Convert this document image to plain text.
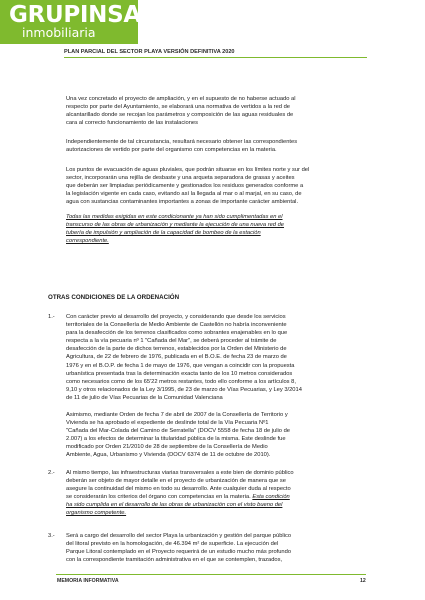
GRUPINSA
inmobiliaria
PLAN PARCIAL DEL SECTOR PLAYA VERSIÓN DEFINITIVA 2020

Una vez concretado el proyecto de ampliación, y en el supuesto de no haberse actuado al
respecto por parte del Ayuntamiento, se elaborará una normativa de vertidos a la red de
alcantarillado donde se recojan los parámetros y composición de las aguas residuales de
cara al correcto funcionamiento de las instalaciones

Independientemente de tal circunstancia, resultará necesario obtener las correspondientes
autorizaciones de vertido por parte del organismo con competencias en la materia.

Los puntos de evacuación de aguas pluviales, que podrán situarse en los límites norte y sur del
sector, incorporarán una rejilla de desbaste y una arqueta separadora de grasas y aceites
que deberán ser limpiadas periódicamente y gestionados los residuos generados conforme a
la legislación vigente en cada caso, evitando así la llegada al mar o al marjal, en su caso, de
agua con sustancias contaminantes importantes a zonas de importante carácter ambiental.

Todas las medidas exigidas en este condicionante ya han sido cumplimentadas en el
transcurso de las obras de urbanización y mediante la ejecución de una nueva red de
tubería de impulsión y ampliación de la capacidad de bombeo de la estación
correspondiente.

OTRAS CONDICIONES DE LA ORDENACIÓN
1.- Con carácter previo al desarrollo del proyecto, y considerando que desde los servicios
territoriales de la Consellería de Medio Ambiente de Castellón no habría inconveniente
para la desafección de los terrenos clasificados como sobrantes enajenables en lo que
respecta a la vía pecuaria nº 1 "Cañada del Mar", se deberá proceder al trámite de
desafección de la parte de dichos terrenos, establecidos por la Orden del Ministerio de
Agricultura, de 22 de febrero de 1976, publicada en el B.O.E. de fecha 23 de marzo de
1976 y en el B.O.P. de fecha 1 de mayo de 1976, que vengan a coincidir con la propuesta
urbanística presentada tras la determinación exacta tanto de los 10 metros considerados
como necesarios como de los 65'22 metros restantes, todo ello conforme a los artículos 8,
9,10 y otros relacionados de la Ley 3/1995, de 23 de marzo de Vías Pecuarias, y Ley 3/2014
de 11 de julio de Vías Pecuarias de la Comunidad Valenciana
Asimismo, mediante Orden de fecha 7 de abril de 2007 de la Consellería de Territorio y
Vivienda se ha aprobado el expediente de deslinde total de la Vía Pecuaria Nº1
"Cañada del Mar-Colada del Camino de Serratella" (DOCV 5558 de fecha 18 de julio de
2.007) a los efectos de determinar la titularidad pública de la misma. Este deslinde fue
modificado por Orden 21/2010 de 28 de septiembre de la Consellería de Medio
Ambiente, Agua, Urbanismo y Vivienda (DOCV 6374 de 11 de octubre de 2010).
2.- Al mismo tiempo, las infraestructuras viarias transversales a este bien de dominio público
deberán ser objeto de mayor detalle en el proyecto de urbanización de manera que se
asegure la continuidad del mismo en todo su desarrollo. Ante cualquier duda al respecto
se considerarán los criterios del órgano con competencias en la materia. Esta condición
ha sido cumplida en el desarrollo de las obras de urbanización con el visto bueno del
organismo competente.
3.- Será a cargo del desarrollo del sector Playa la urbanización y gestión del parque público
del litoral previsto en la homologación, de 46.394 m² de superficie. La ejecución del
Parque Litoral contemplado en el Proyecto requerirá de un estudio mucho más profundo
con la correspondiente tramitación administrativa en el que se contemplen, trazados,
MEMORIA INFORMATIVA	12
